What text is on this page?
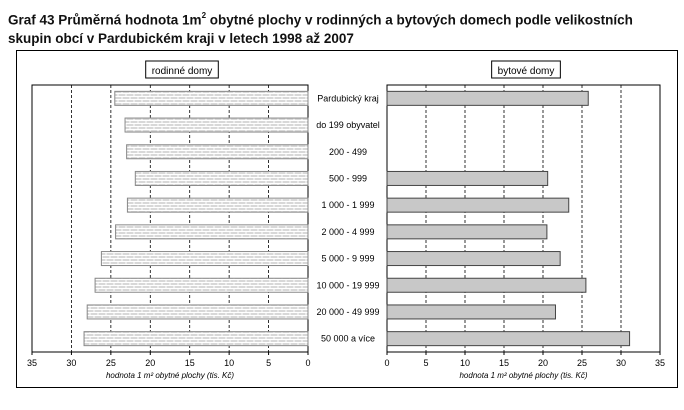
Graf 43 Průměrná hodnota $1m^2$ obytné plochy v rodinných a bytových domech podle velikostních skupin obcí v Pardubickém kraji v letech 1998 až 2007
35	30	25	20	15	10	5	0
hodnota 1 m² obytné plochy (tis. Kč)
rodinné domy
0	5	10	15	20	25	30	35
hodnota 1 m² obytné plochy (tis. Kč)
bytové domy
Pardubický kraj
do 199 obyvatel
200 - 499
500 - 999
1 000 - 1 999
2 000 - 4 999
5 000 - 9 999
10 000 - 19 999
20 000 - 49 999
50 000 a více
